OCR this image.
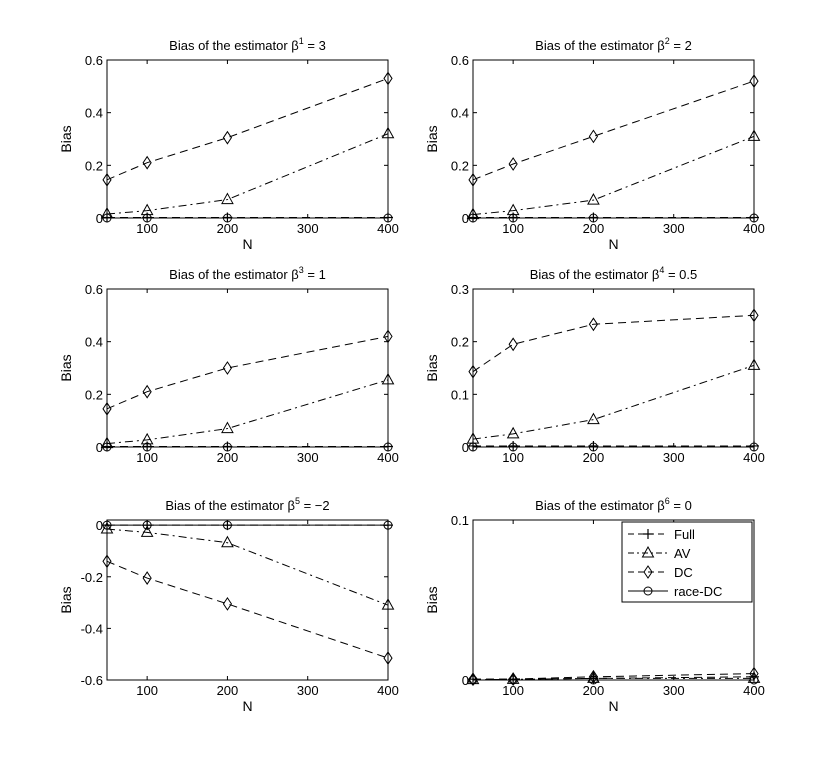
Bias of the estimator $\beta^1 = 3$
100	200	300	400
0
0.2
0.4
0.6
N
Bias
Bias of the estimator $\beta^2 = 2$
100	200	300	400
0
0.2
0.4
0.6
N
Bias
Bias of the estimator $\beta^3 = 1$
100	200	300	400
0
0.2
0.4
0.6
Bias
Bias of the estimator $\beta^4 = 0.5$
100	200	300	400
0
0.1
0.2
0.3
Bias
Bias of the estimator $\beta^5 = -2$
100	200	300	400
0
-0.2
-0.4
-0.6
N
Bias
Bias of the estimator $\beta^6 = 0$
100	200	300	400
0
0.1
N
Bias
Full
AV
DC
race-DC
